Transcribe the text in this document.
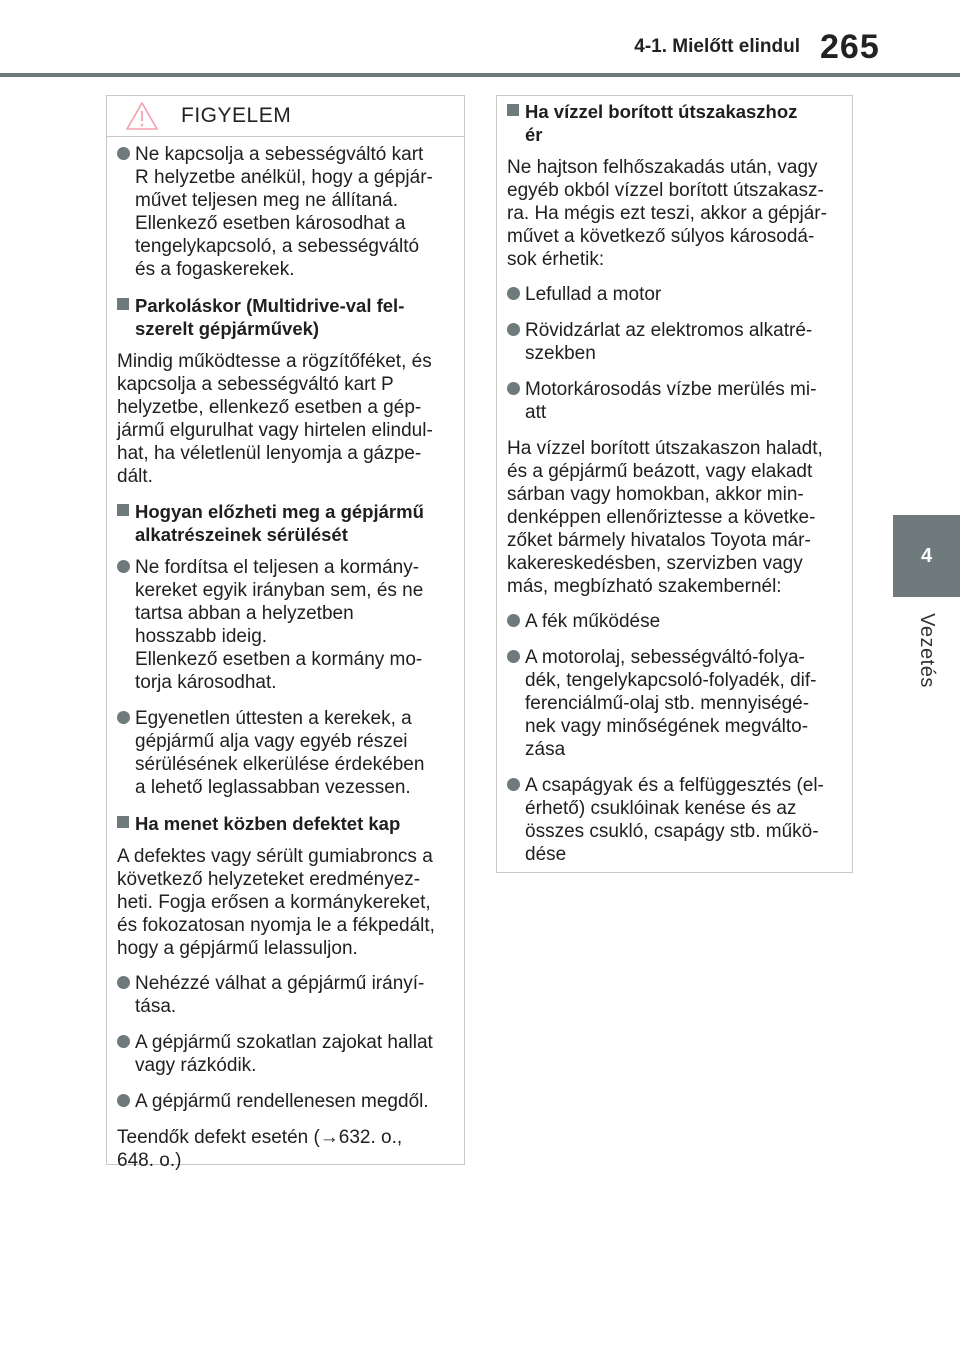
4-1. Mielőtt elindul 265
4
Vezetés
FIGYELEM
Ne kapcsolja a sebességváltó kart
R helyzetbe anélkül, hogy a gépjár-
művet teljesen meg ne állítaná.
Ellenkező esetben károsodhat a
tengelykapcsoló, a sebességváltó
és a fogaskerekek.
Parkoláskor (Multidrive-val fel-
szerelt gépjárművek)
Mindig működtesse a rögzítőféket, és
kapcsolja a sebességváltó kart P
helyzetbe, ellenkező esetben a gép-
jármű elgurulhat vagy hirtelen elindul-
hat, ha véletlenül lenyomja a gázpe-
dált.
Hogyan előzheti meg a gépjármű
alkatrészeinek sérülését
Ne fordítsa el teljesen a kormány-
kereket egyik irányban sem, és ne
tartsa abban a helyzetben
hosszabb ideig.
Ellenkező esetben a kormány mo-
torja károsodhat.
Egyenetlen úttesten a kerekek, a
gépjármű alja vagy egyéb részei
sérülésének elkerülése érdekében
a lehető leglassabban vezessen.
Ha menet közben defektet kap
A defektes vagy sérült gumiabroncs a
következő helyzeteket eredményez-
heti. Fogja erősen a kormánykereket,
és fokozatosan nyomja le a fékpedált,
hogy a gépjármű lelassuljon.
Nehézzé válhat a gépjármű irányí-
tása.
A gépjármű szokatlan zajokat hallat
vagy rázkódik.
A gépjármű rendellenesen megdől.
Teendők defekt esetén (→632. o.,
648. o.)
Ha vízzel borított útszakaszhoz
ér
Ne hajtson felhőszakadás után, vagy
egyéb okból vízzel borított útszakasz-
ra. Ha mégis ezt teszi, akkor a gépjár-
művet a következő súlyos károsodá-
sok érhetik:
Lefullad a motor
Rövidzárlat az elektromos alkatré-
szekben
Motorkárosodás vízbe merülés mi-
att
Ha vízzel borított útszakaszon haladt,
és a gépjármű beázott, vagy elakadt
sárban vagy homokban, akkor min-
denképpen ellenőriztesse a követke-
zőket bármely hivatalos Toyota már-
kakereskedésben, szervizben vagy
más, megbízható szakembernél:
A fék működése
A motorolaj, sebességváltó-folya-
dék, tengelykapcsoló-folyadék, dif-
ferenciálmű-olaj stb. mennyiségé-
nek vagy minőségének megválto-
zása
A csapágyak és a felfüggesztés (el-
érhető) csuklóinak kenése és az
összes csukló, csapágy stb. műkö-
dése
